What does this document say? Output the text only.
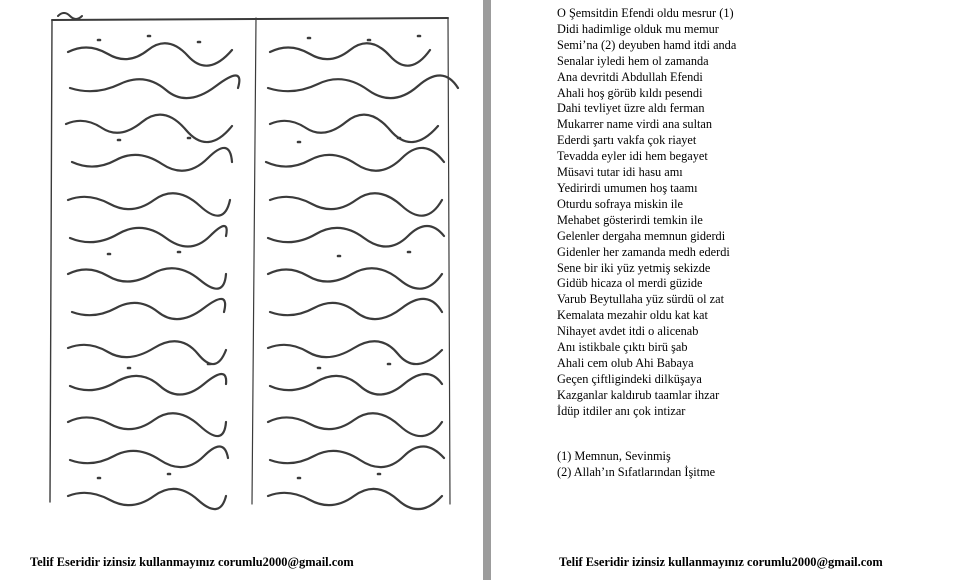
Telif Eseridir izinsiz kullanmayınız corumlu2000@gmail.com
O Şemsitdin Efendi oldu mesrur (1)
Didi hadimlige olduk mu memur
Semi’na (2) deyuben hamd itdi anda
Senalar iyledi hem ol zamanda
Ana devritdi Abdullah Efendi
Ahali hoş görüb kıldı pesendi
Dahi tevliyet üzre aldı ferman
Mukarrer name virdi ana sultan
Ederdi şartı vakfa çok riayet
Tevadda eyler idi hem begayet
Müsavi tutar idi hasu amı
Yedirirdi umumen hoş taamı
Oturdu sofraya miskin ile
Mehabet gösterirdi temkin ile
Gelenler dergaha memnun giderdi
Gidenler her zamanda medh ederdi
Sene bir iki yüz yetmiş sekizde
Gidüb hicaza ol merdi güzide
Varub Beytullaha yüz sürdü ol zat
Kemalata mezahir oldu kat kat
Nihayet avdet itdi o alicenab
Anı istikbale çıktı birü şab
Ahali cem olub Ahi Babaya
Geçen çiftligindeki dilküşaya
Kazganlar kaldırub taamlar ihzar
İdüp itdiler anı çok intizar
(1) Memnun, Sevinmiş
(2) Allah’ın Sıfatlarından İşitme
Telif Eseridir izinsiz kullanmayınız corumlu2000@gmail.com
